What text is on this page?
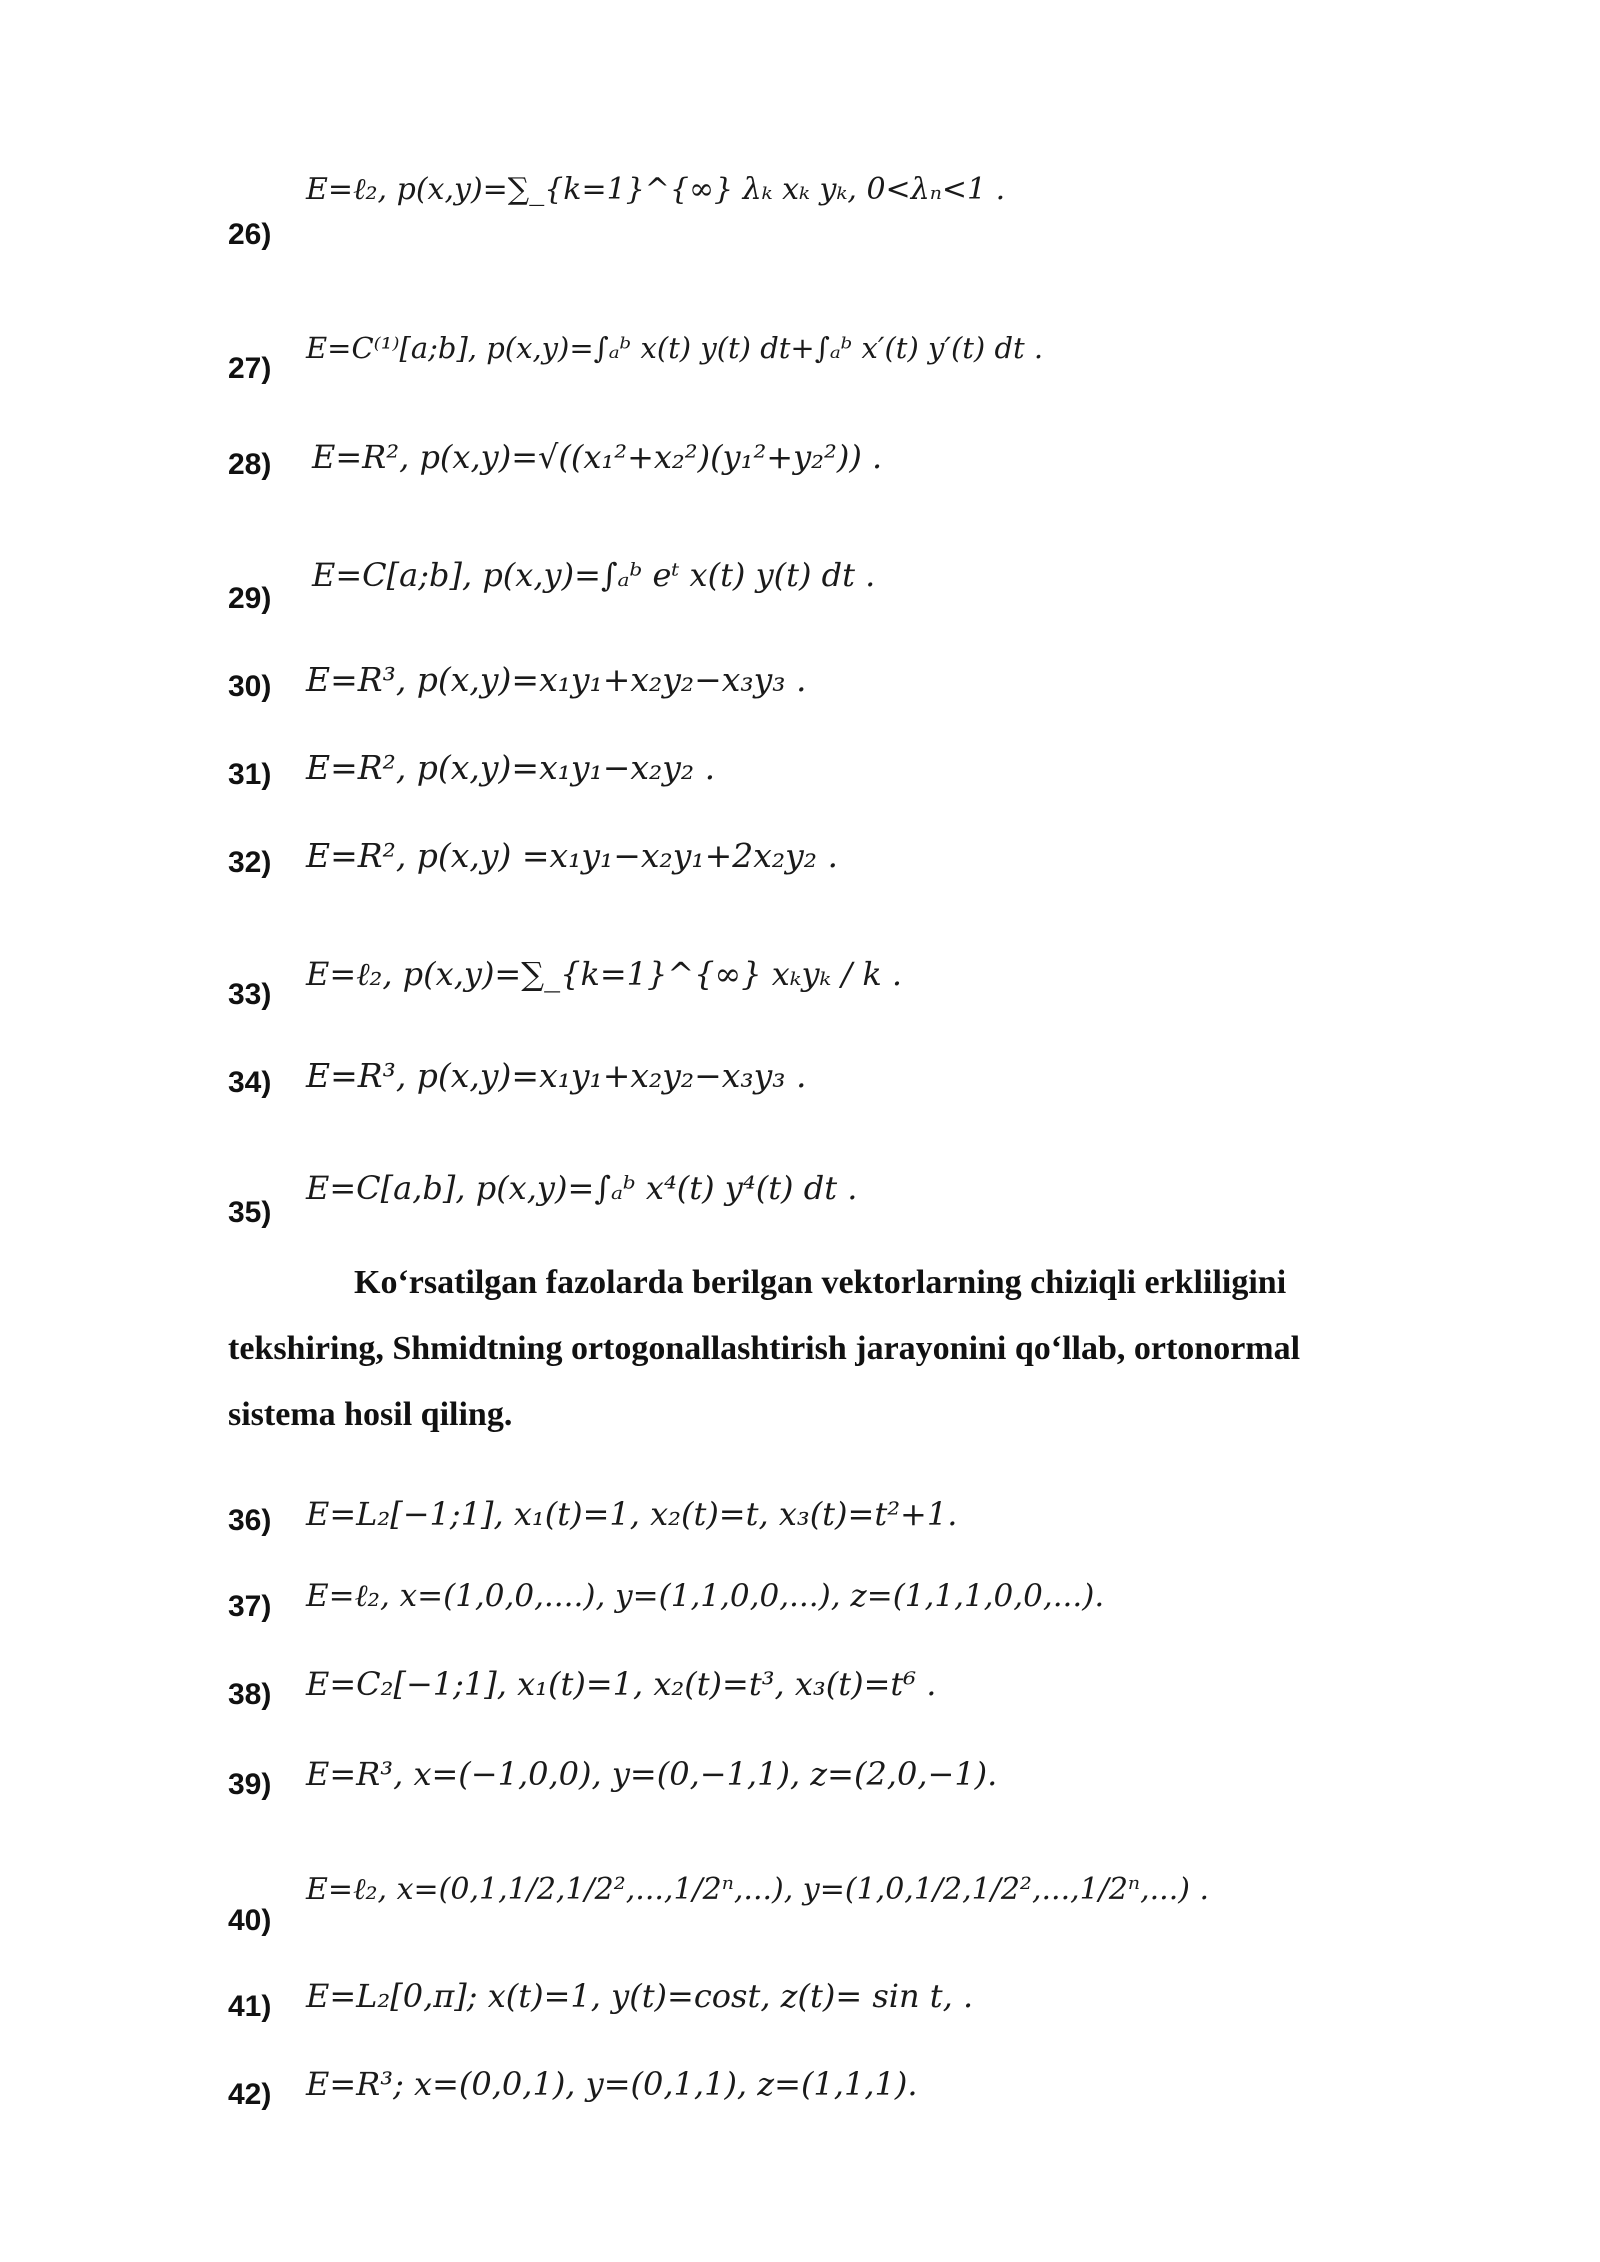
26)
E=ℓ₂, p(x,y)=∑_{k=1}^{∞} λₖ xₖ yₖ, 0<λₙ<1 .
27)
E=C⁽¹⁾[a;b], p(x,y)=∫ₐᵇ x(t) y(t) dt+∫ₐᵇ x′(t) y′(t) dt .
28) E=R², p(x,y)=√((x₁²+x₂²)(y₁²+y₂²)) .
29)
E=C[a;b], p(x,y)=∫ₐᵇ eᵗ x(t) y(t) dt .
30) E=R³, p(x,y)=x₁y₁+x₂y₂−x₃y₃ .
31) E=R², p(x,y)=x₁y₁−x₂y₂ .
32) E=R², p(x,y) =x₁y₁−x₂y₁+2x₂y₂ .
33)
E=ℓ₂, p(x,y)=∑_{k=1}^{∞} xₖyₖ / k .
34) E=R³, p(x,y)=x₁y₁+x₂y₂−x₃y₃ .
35)
E=C[a,b], p(x,y)=∫ₐᵇ x⁴(t) y⁴(t) dt .
Ko‘rsatilgan fazolarda berilgan vektorlarning chiziqli erkliligini
tekshiring, Shmidtning ortogonallashtirish jarayonini qo‘llab, ortonormal
sistema hosil qiling.
36) E=L₂[−1;1], x₁(t)=1, x₂(t)=t, x₃(t)=t²+1.
37) E=ℓ₂, x=(1,0,0,....), y=(1,1,0,0,...), z=(1,1,1,0,0,...).
38) E=C₂[−1;1], x₁(t)=1, x₂(t)=t³, x₃(t)=t⁶ .
39) E=R³, x=(−1,0,0), y=(0,−1,1), z=(2,0,−1).
40)
E=ℓ₂, x=(0,1,1/2,1/2²,...,1/2ⁿ,...), y=(1,0,1/2,1/2²,...,1/2ⁿ,...) .
41) E=L₂[0,π]; x(t)=1, y(t)=cost, z(t)= sin t, .
42) E=R³; x=(0,0,1), y=(0,1,1), z=(1,1,1).
